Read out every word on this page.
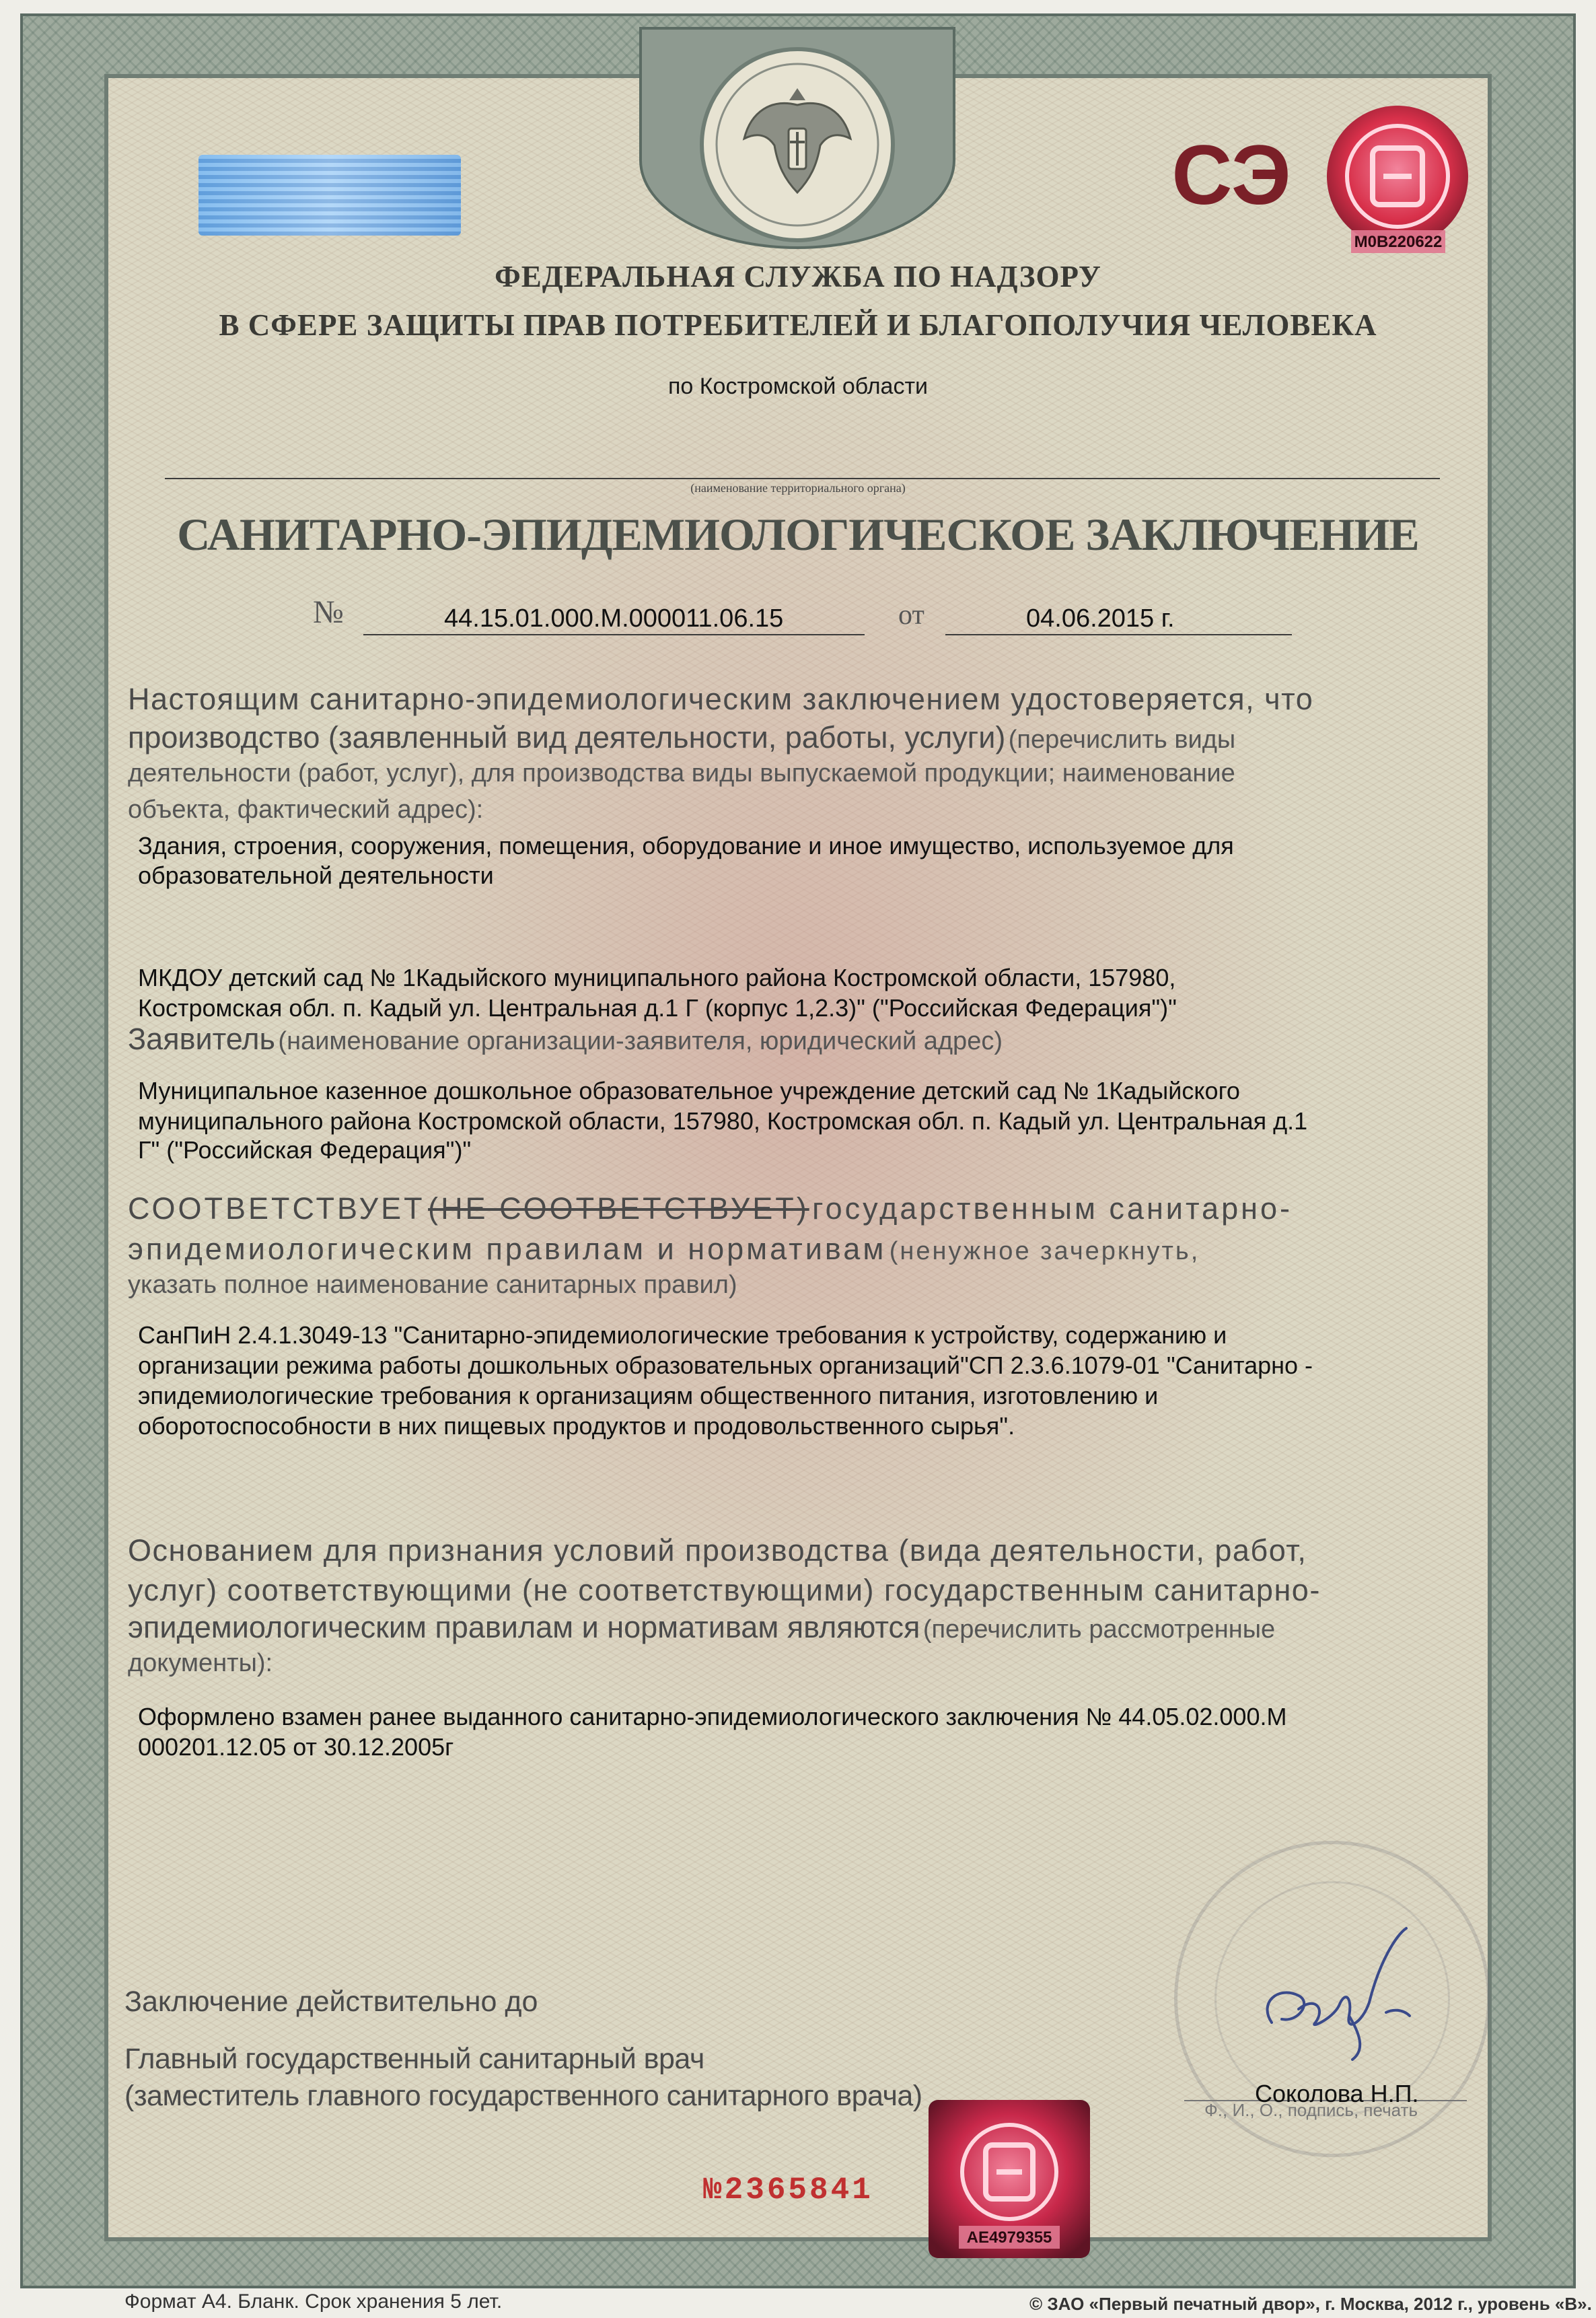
СЭ
M0B220622
ФЕДЕРАЛЬНАЯ СЛУЖБА ПО НАДЗОРУ
В СФЕРЕ ЗАЩИТЫ ПРАВ ПОТРЕБИТЕЛЕЙ И БЛАГОПОЛУЧИЯ ЧЕЛОВЕКА
по Костромской области
(наименование территориального органа)
САНИТАРНО-ЭПИДЕМИОЛОГИЧЕСКОЕ ЗАКЛЮЧЕНИЕ
№	44.15.01.000.М.000011.06.15	от	04.06.2015 г.
Настоящим санитарно-эпидемиологическим заключением удостоверяется, что
производство (заявленный вид деятельности, работы, услуги) (перечислить виды
деятельности (работ, услуг), для производства виды выпускаемой продукции; наименование
объекта, фактический адрес):
Здания, строения, сооружения, помещения, оборудование и иное имущество, используемое для
образовательной деятельности
МКДОУ детский сад № 1Кадыйского муниципального района Костромской области, 157980,
Костромская обл. п. Кадый ул. Центральная д.1 Г (корпус 1,2.3)" ("Российская Федерация")"
Заявитель (наименование организации-заявителя, юридический адрес)
Муниципальное казенное дошкольное образовательное учреждение детский сад № 1Кадыйского
муниципального района Костромской области, 157980, Костромская обл. п. Кадый ул. Центральная д.1
Г" ("Российская Федерация")"
СООТВЕТСТВУЕТ (НЕ СООТВЕТСТВУЕТ) государственным санитарно-
эпидемиологическим правилам и нормативам (ненужное зачеркнуть,
указать полное наименование санитарных правил)
СанПиН 2.4.1.3049-13 "Санитарно-эпидемиологические требования к устройству, содержанию и
организации режима работы дошкольных образовательных организаций"СП 2.3.6.1079-01 "Санитарно -
эпидемиологические требования к организациям общественного питания, изготовлению и
оборотоспособности в них пищевых продуктов и продовольственного сырья".
Основанием для признания условий производства (вида деятельности, работ,
услуг) соответствующими (не соответствующими) государственным санитарно-
эпидемиологическим правилам и нормативам являются (перечислить рассмотренные
документы):
Оформлено взамен ранее выданного санитарно-эпидемиологического заключения № 44.05.02.000.М
000201.12.05 от 30.12.2005г
Заключение действительно до
Главный государственный санитарный врач
(заместитель главного государственного санитарного врача)	Соколова Н.П.
Ф., И., О., подпись, печать
№2365841
AE4979355
Формат А4. Бланк. Срок хранения 5 лет.	© ЗАО «Первый печатный двор», г. Москва, 2012 г., уровень «В».
